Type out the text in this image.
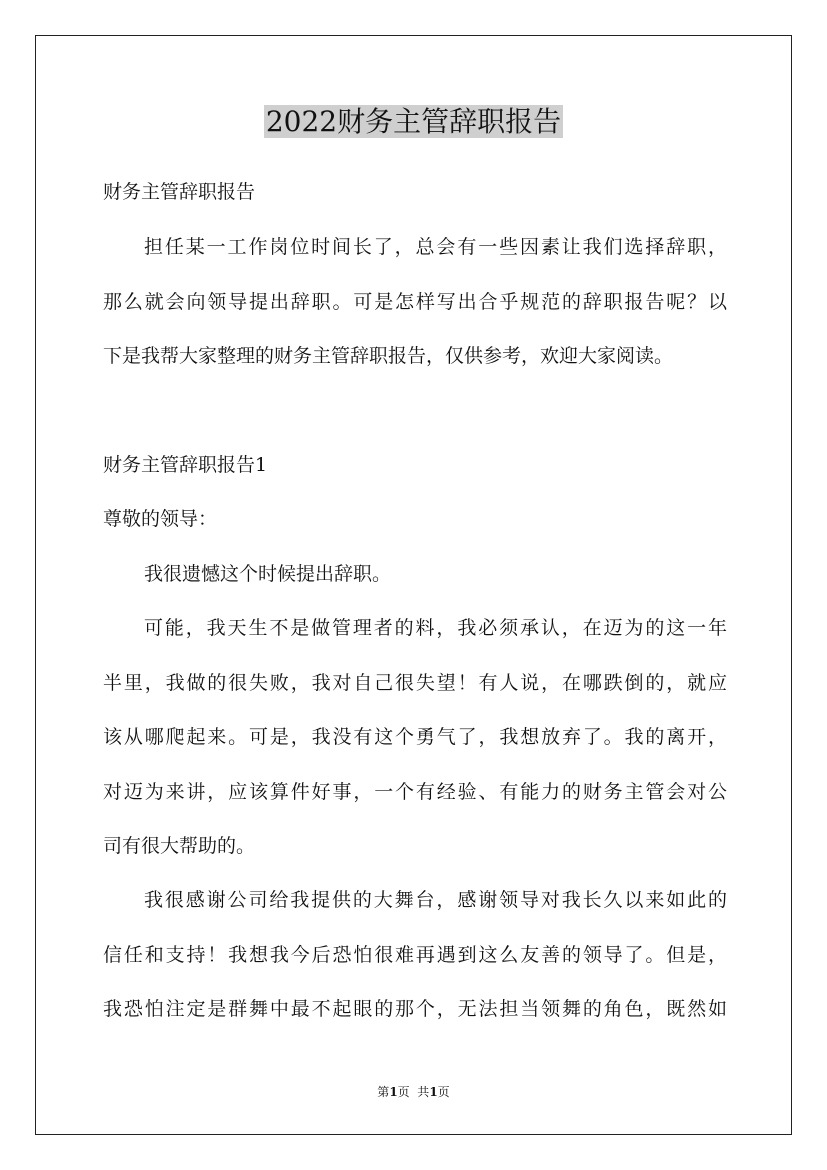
2022财务主管辞职报告
财务主管辞职报告
担任某一工作岗位时间长了，总会有一些因素让我们选择辞职，
那么就会向领导提出辞职。可是怎样写出合乎规范的辞职报告呢？以
下是我帮大家整理的财务主管辞职报告，仅供参考，欢迎大家阅读。
财务主管辞职报告1
尊敬的领导：
我很遗憾这个时候提出辞职。
可能，我天生不是做管理者的料，我必须承认，在迈为的这一年
半里，我做的很失败，我对自己很失望！有人说，在哪跌倒的，就应
该从哪爬起来。可是，我没有这个勇气了，我想放弃了。我的离开，
对迈为来讲，应该算件好事，一个有经验、有能力的财务主管会对公
司有很大帮助的。
我很感谢公司给我提供的大舞台，感谢领导对我长久以来如此的
信任和支持！我想我今后恐怕很难再遇到这么友善的领导了。但是，
我恐怕注定是群舞中最不起眼的那个，无法担当领舞的角色，既然如
第1页  共1页
